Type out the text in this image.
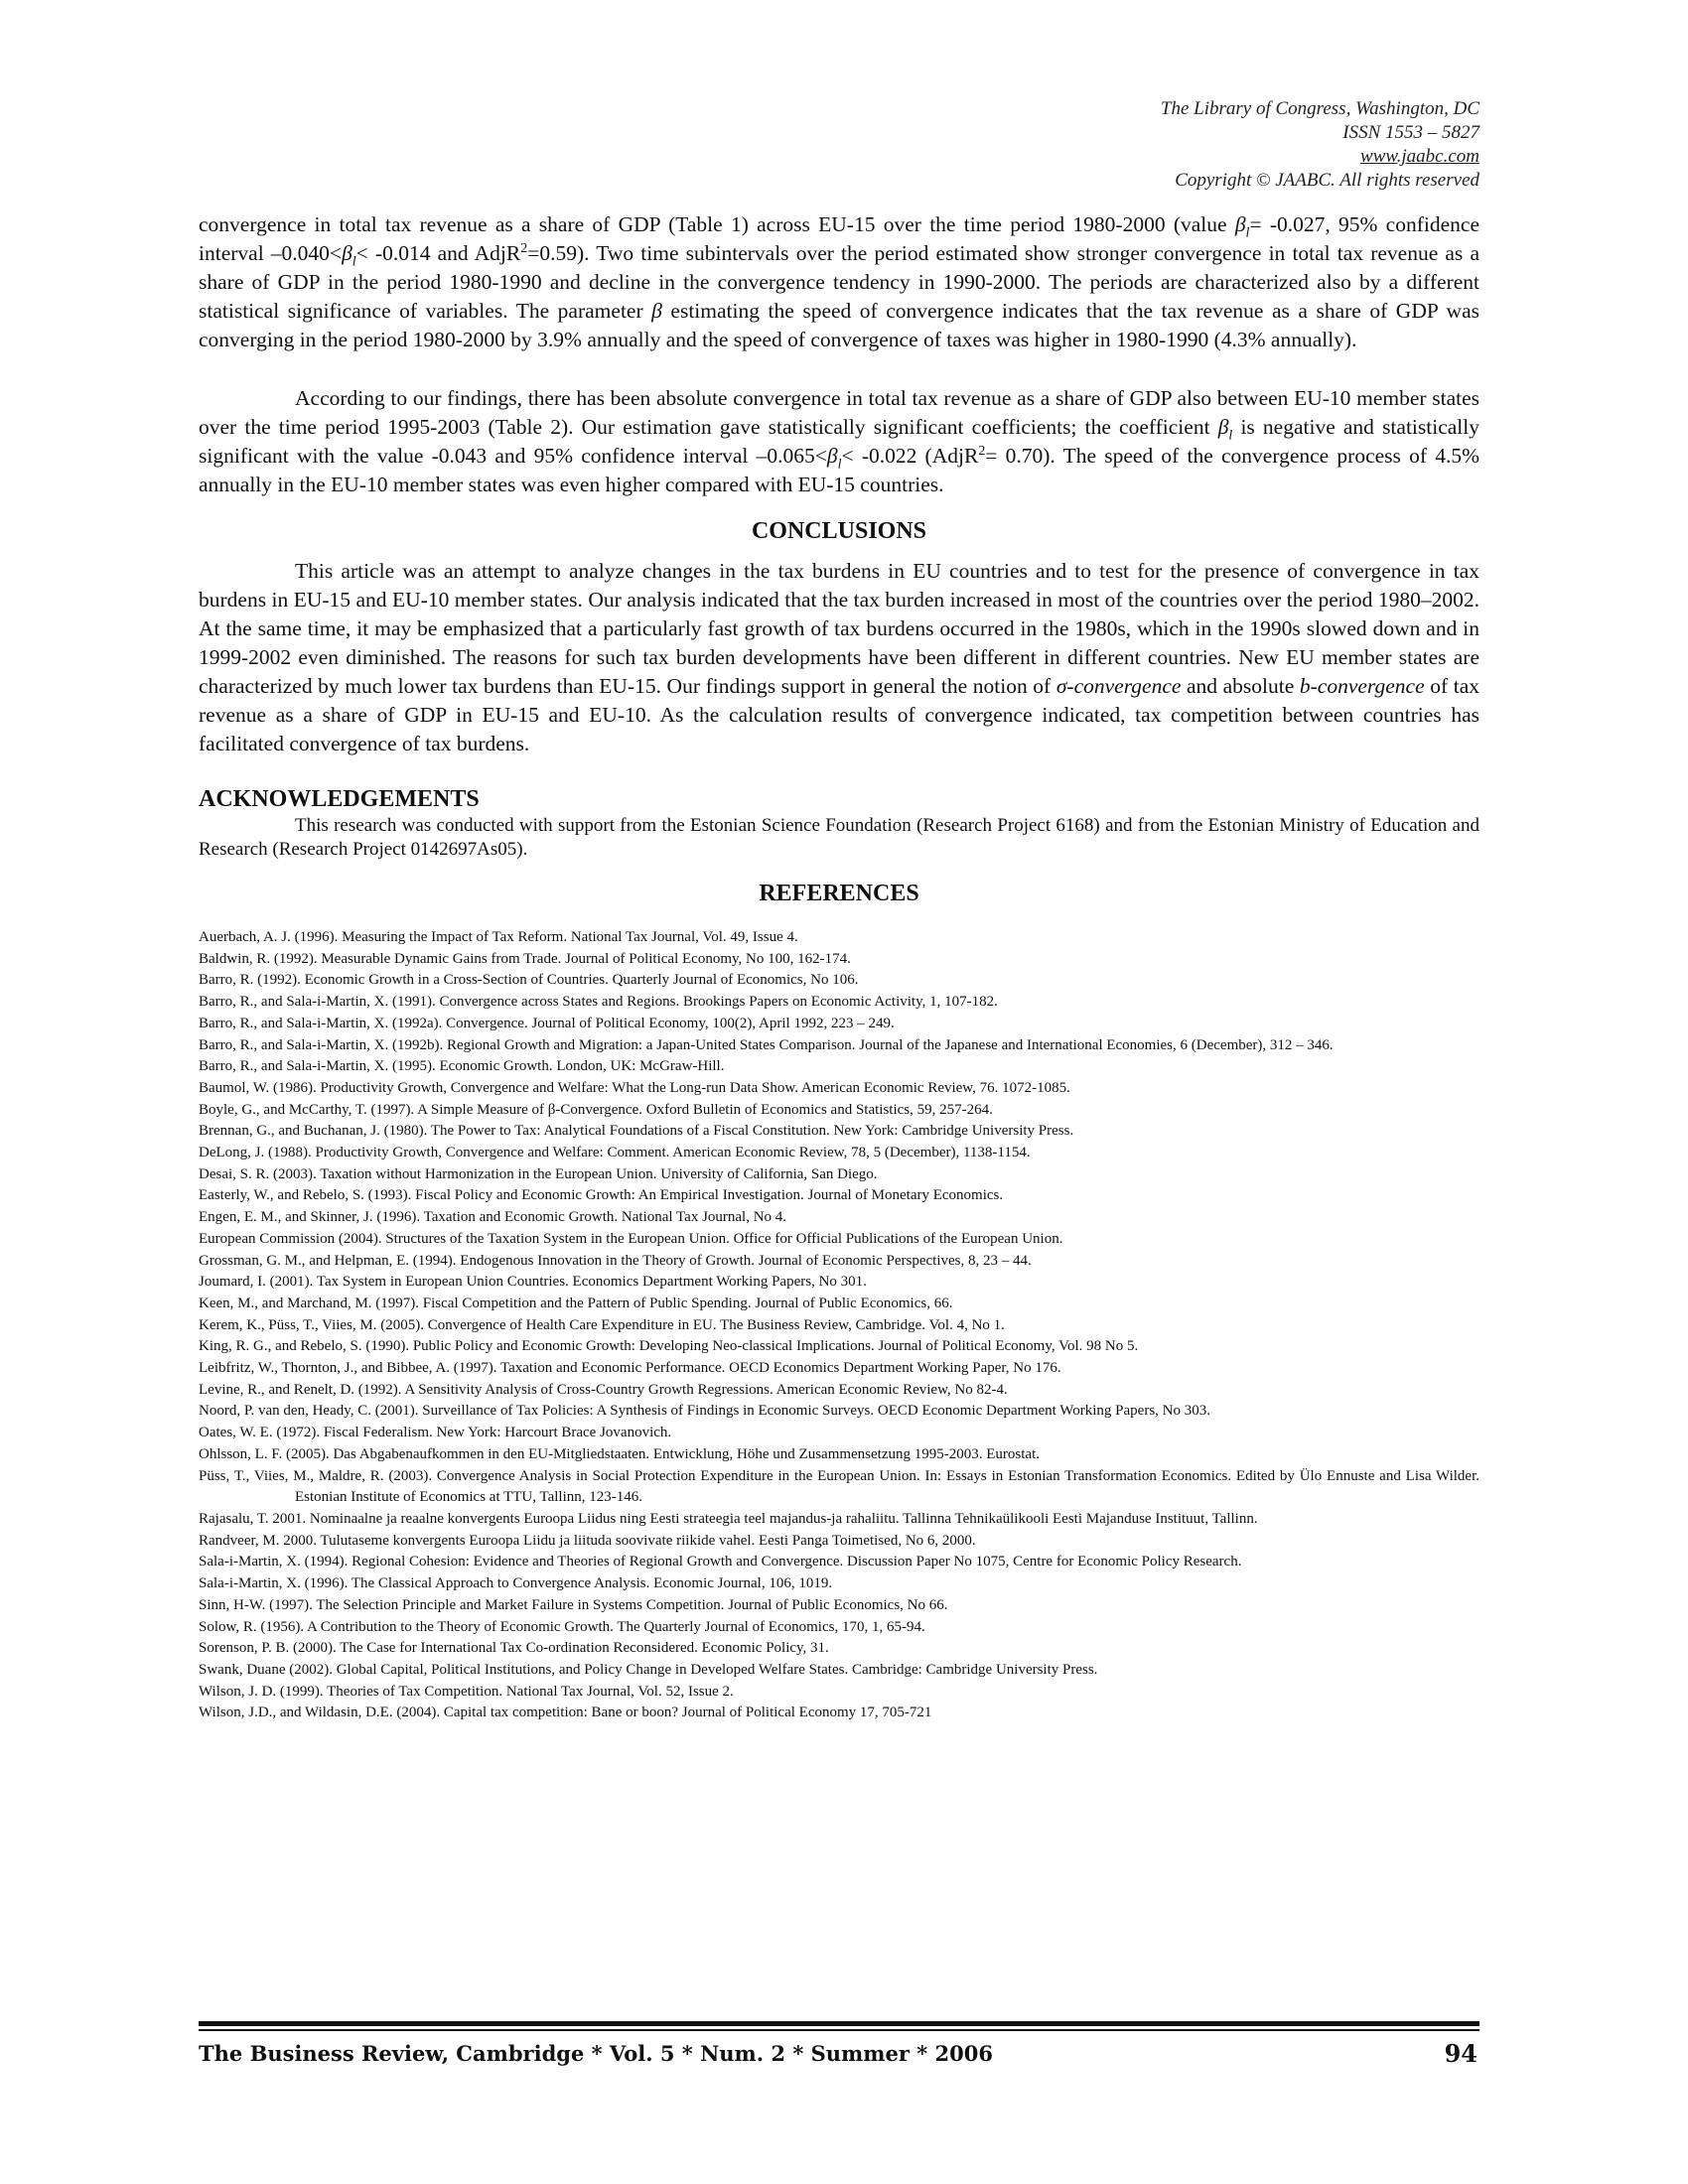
The Library of Congress, Washington, DC
ISSN 1553 – 5827
www.jaabc.com
Copyright © JAABC. All rights reserved

convergence in total tax revenue as a share of GDP (Table 1) across EU-15 over the time period 1980-2000 (value $\beta_l= -0.027$, 95% confidence interval $-0.040<\beta_l< -0.014$ and AdjR$^2$=0.59). Two time subintervals over the period estimated show stronger convergence in total tax revenue as a share of GDP in the period 1980-1990 and decline in the convergence tendency in 1990-2000. The periods are characterized also by a different statistical significance of variables. The parameter β estimating the speed of convergence indicates that the tax revenue as a share of GDP was converging in the period 1980-2000 by 3.9% annually and the speed of convergence of taxes was higher in 1980-1990 (4.3% annually).

According to our findings, there has been absolute convergence in total tax revenue as a share of GDP also between EU-10 member states over the time period 1995-2003 (Table 2). Our estimation gave statistically significant coefficients; the coefficient $\beta_l$ is negative and statistically significant with the value -0.043 and 95% confidence interval $-0.065<\beta_l< -0.022$ (AdjR$^2$= 0.70). The speed of the convergence process of 4.5% annually in the EU-10 member states was even higher compared with EU-15 countries.

CONCLUSIONS

This article was an attempt to analyze changes in the tax burdens in EU countries and to test for the presence of convergence in tax burdens in EU-15 and EU-10 member states. Our analysis indicated that the tax burden increased in most of the countries over the period 1980–2002. At the same time, it may be emphasized that a particularly fast growth of tax burdens occurred in the 1980s, which in the 1990s slowed down and in 1999-2002 even diminished. The reasons for such tax burden developments have been different in different countries. New EU member states are characterized by much lower tax burdens than EU-15. Our findings support in general the notion of σ-convergence and absolute b-convergence of tax revenue as a share of GDP in EU-15 and EU-10. As the calculation results of convergence indicated, tax competition between countries has facilitated convergence of tax burdens.

ACKNOWLEDGEMENTS

This research was conducted with support from the Estonian Science Foundation (Research Project 6168) and from the Estonian Ministry of Education and Research (Research Project 0142697As05).

REFERENCES

Auerbach, A. J. (1996). Measuring the Impact of Tax Reform. National Tax Journal, Vol. 49, Issue 4.

Baldwin, R. (1992). Measurable Dynamic Gains from Trade. Journal of Political Economy, No 100, 162-174.

Barro, R. (1992). Economic Growth in a Cross-Section of Countries. Quarterly Journal of Economics, No 106.

Barro, R., and Sala-i-Martin, X. (1991). Convergence across States and Regions. Brookings Papers on Economic Activity, 1, 107-182.

Barro, R., and Sala-i-Martin, X. (1992a). Convergence. Journal of Political Economy, 100(2), April 1992, 223 – 249.

Barro, R., and Sala-i-Martin, X. (1992b). Regional Growth and Migration: a Japan-United States Comparison. Journal of the Japanese and International Economies, 6 (December), 312 – 346.

Barro, R., and Sala-i-Martin, X. (1995). Economic Growth. London, UK: McGraw-Hill.

Baumol, W. (1986). Productivity Growth, Convergence and Welfare: What the Long-run Data Show. American Economic Review, 76. 1072-1085.

Boyle, G., and McCarthy, T. (1997). A Simple Measure of β-Convergence. Oxford Bulletin of Economics and Statistics, 59, 257-264.

Brennan, G., and Buchanan, J. (1980). The Power to Tax: Analytical Foundations of a Fiscal Constitution. New York: Cambridge University Press.

DeLong, J. (1988). Productivity Growth, Convergence and Welfare: Comment. American Economic Review, 78, 5 (December), 1138-1154.

Desai, S. R. (2003). Taxation without Harmonization in the European Union. University of California, San Diego.

Easterly, W., and Rebelo, S. (1993). Fiscal Policy and Economic Growth: An Empirical Investigation. Journal of Monetary Economics.

Engen, E. M., and Skinner, J. (1996). Taxation and Economic Growth. National Tax Journal, No 4.

European Commission (2004). Structures of the Taxation System in the European Union. Office for Official Publications of the European Union.

Grossman, G. M., and Helpman, E. (1994). Endogenous Innovation in the Theory of Growth. Journal of Economic Perspectives, 8, 23 – 44.

Joumard, I. (2001). Tax System in European Union Countries. Economics Department Working Papers, No 301.

Keen, M., and Marchand, M. (1997). Fiscal Competition and the Pattern of Public Spending. Journal of Public Economics, 66.

Kerem, K., Püss, T., Viies, M. (2005). Convergence of Health Care Expenditure in EU. The Business Review, Cambridge. Vol. 4, No 1.

King, R. G., and Rebelo, S. (1990). Public Policy and Economic Growth: Developing Neo-classical Implications. Journal of Political Economy, Vol. 98 No 5.

Leibfritz, W., Thornton, J., and Bibbee, A. (1997). Taxation and Economic Performance. OECD Economics Department Working Paper, No 176.

Levine, R., and Renelt, D. (1992). A Sensitivity Analysis of Cross-Country Growth Regressions. American Economic Review, No 82-4.

Noord, P. van den, Heady, C. (2001). Surveillance of Tax Policies: A Synthesis of Findings in Economic Surveys. OECD Economic Department Working Papers, No 303.

Oates, W. E. (1972). Fiscal Federalism. New York: Harcourt Brace Jovanovich.

Ohlsson, L. F. (2005). Das Abgabenaufkommen in den EU-Mitgliedstaaten. Entwicklung, Höhe und Zusammensetzung 1995-2003. Eurostat.

Püss, T., Viies, M., Maldre, R. (2003). Convergence Analysis in Social Protection Expenditure in the European Union. In: Essays in Estonian Transformation Economics. Edited by Ülo Ennuste and Lisa Wilder. Estonian Institute of Economics at TTU, Tallinn, 123-146.

Rajasalu, T. 2001. Nominaalne ja reaalne konvergents Euroopa Liidus ning Eesti strateegia teel majandus-ja rahaliitu. Tallinna Tehnikaülikooli Eesti Majanduse Instituut, Tallinn.

Randveer, M. 2000. Tulutaseme konvergents Euroopa Liidu ja liituda soovivate riikide vahel. Eesti Panga Toimetised, No 6, 2000.

Sala-i-Martin, X. (1994). Regional Cohesion: Evidence and Theories of Regional Growth and Convergence. Discussion Paper No 1075, Centre for Economic Policy Research.

Sala-i-Martin, X. (1996). The Classical Approach to Convergence Analysis. Economic Journal, 106, 1019.

Sinn, H-W. (1997). The Selection Principle and Market Failure in Systems Competition. Journal of Public Economics, No 66.

Solow, R. (1956). A Contribution to the Theory of Economic Growth. The Quarterly Journal of Economics, 170, 1, 65-94.

Sorenson, P. B. (2000). The Case for International Tax Co-ordination Reconsidered. Economic Policy, 31.

Swank, Duane (2002). Global Capital, Political Institutions, and Policy Change in Developed Welfare States. Cambridge: Cambridge University Press.

Wilson, J. D. (1999). Theories of Tax Competition. National Tax Journal, Vol. 52, Issue 2.

Wilson, J.D., and Wildasin, D.E. (2004). Capital tax competition: Bane or boon? Journal of Political Economy 17, 705-721

The Business Review, Cambridge * Vol. 5 * Num. 2 * Summer * 2006	94
